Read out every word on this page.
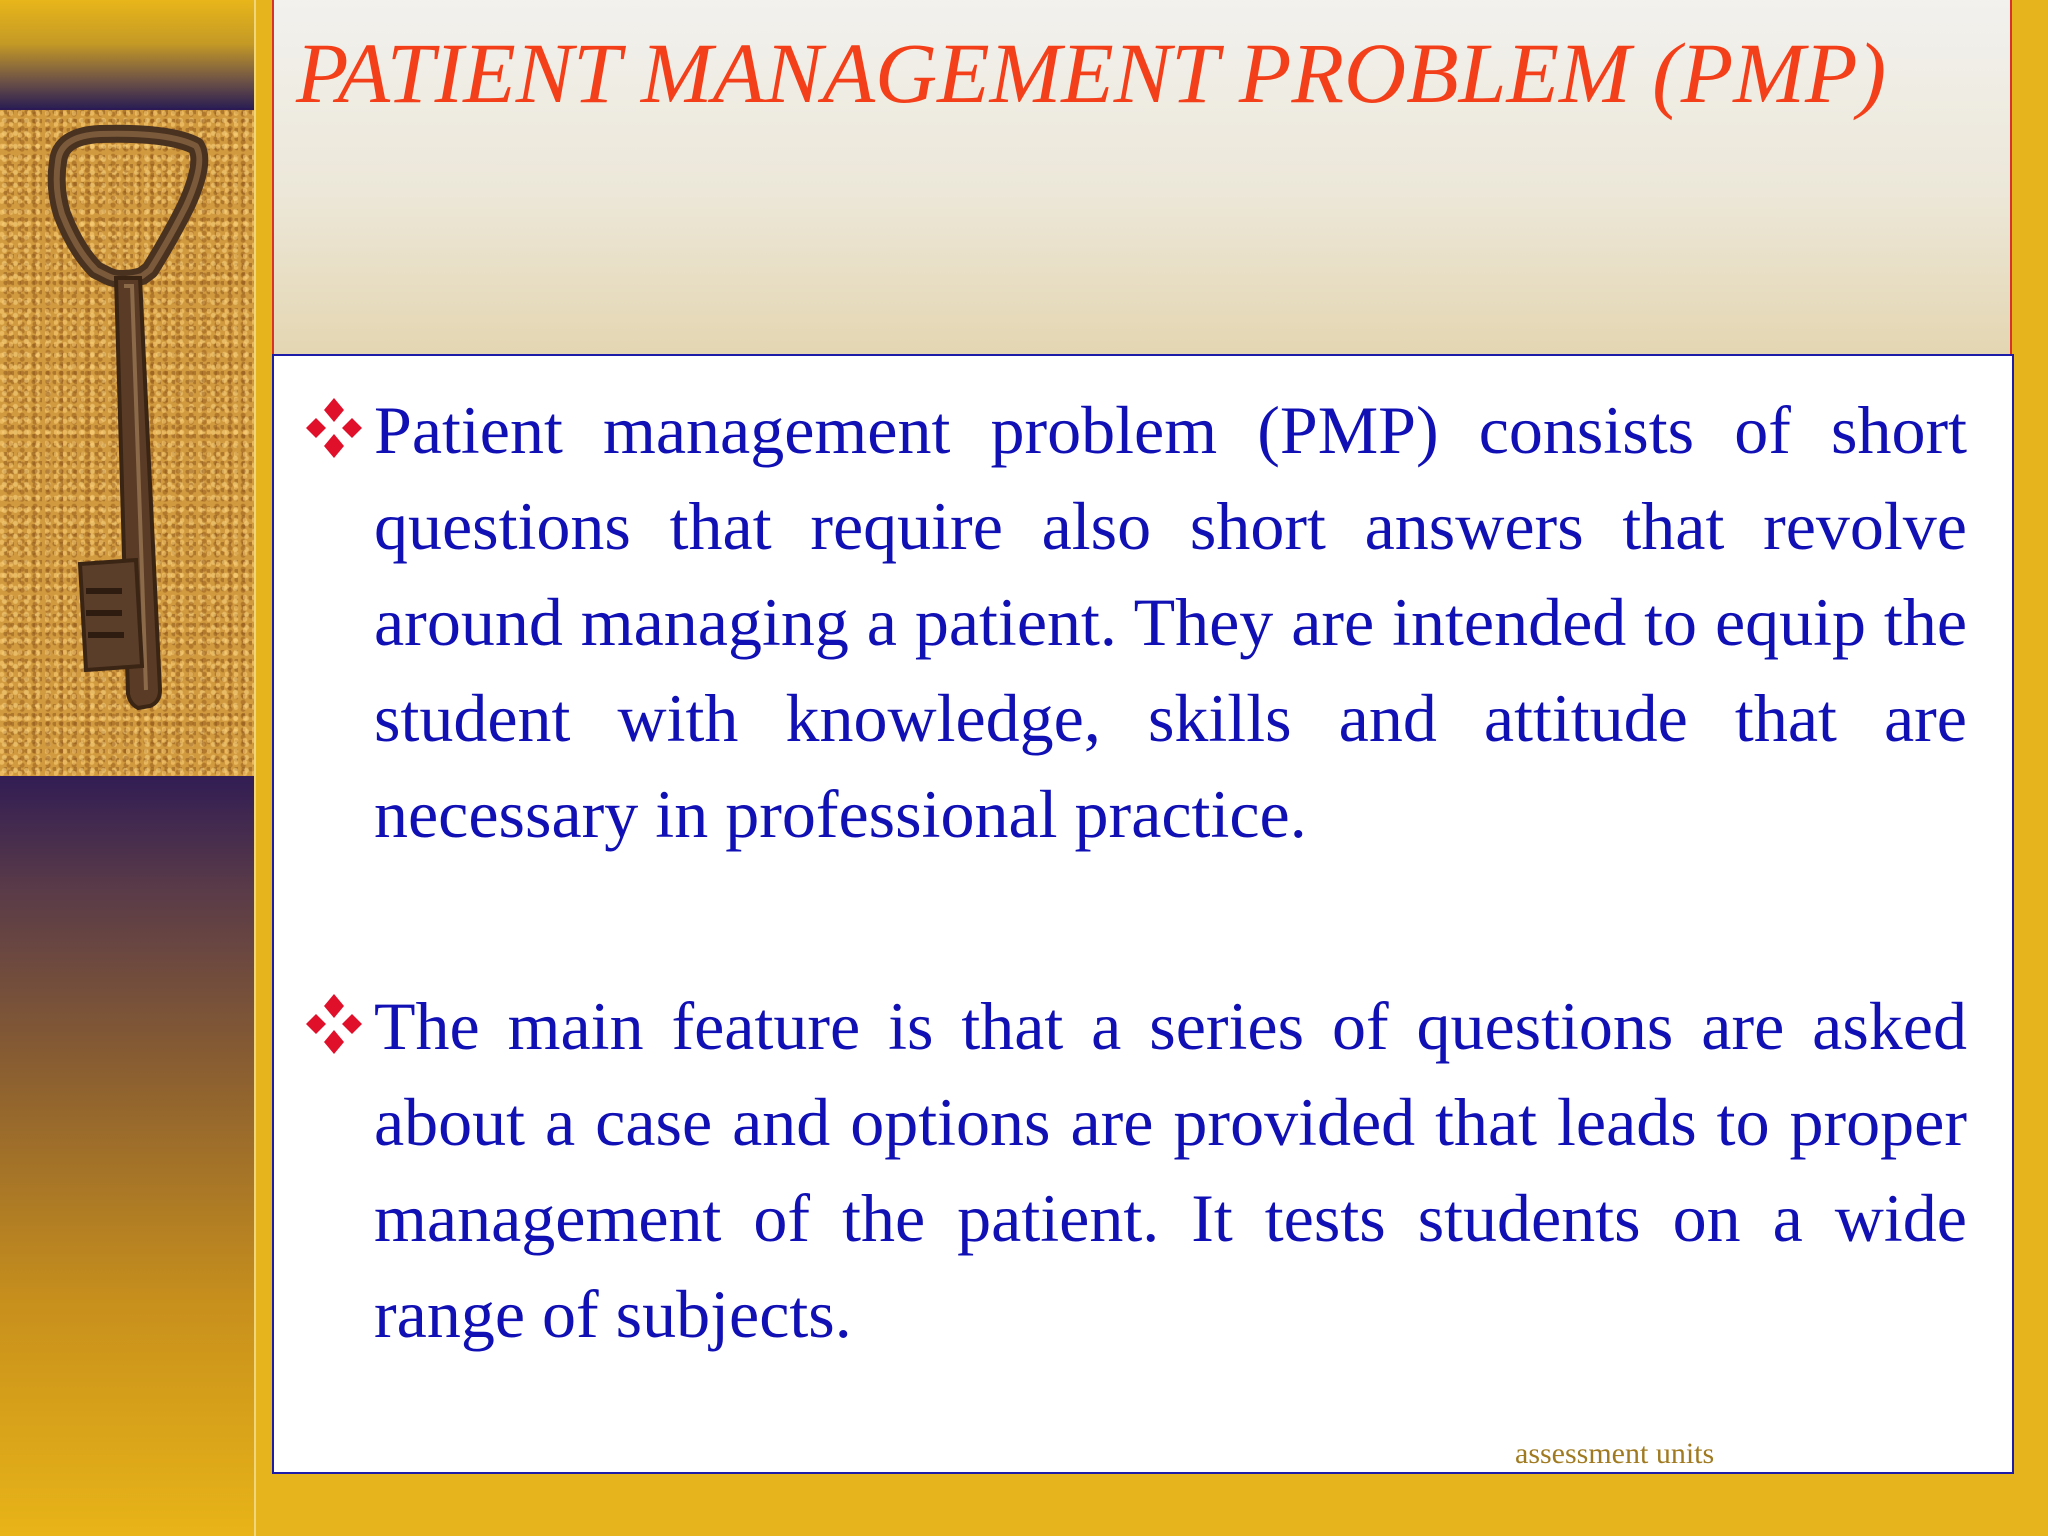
PATIENT MANAGEMENT PROBLEM (PMP)
Patient management problem (PMP) consists of short questions that require also short answers that revolve around managing a patient. They are intended to equip the student with knowledge, skills and attitude that are necessary in professional practice.
The main feature is that a series of questions are asked about a case and options are provided that leads to proper management of the patient. It tests students on a wide range of subjects.
assessment units
